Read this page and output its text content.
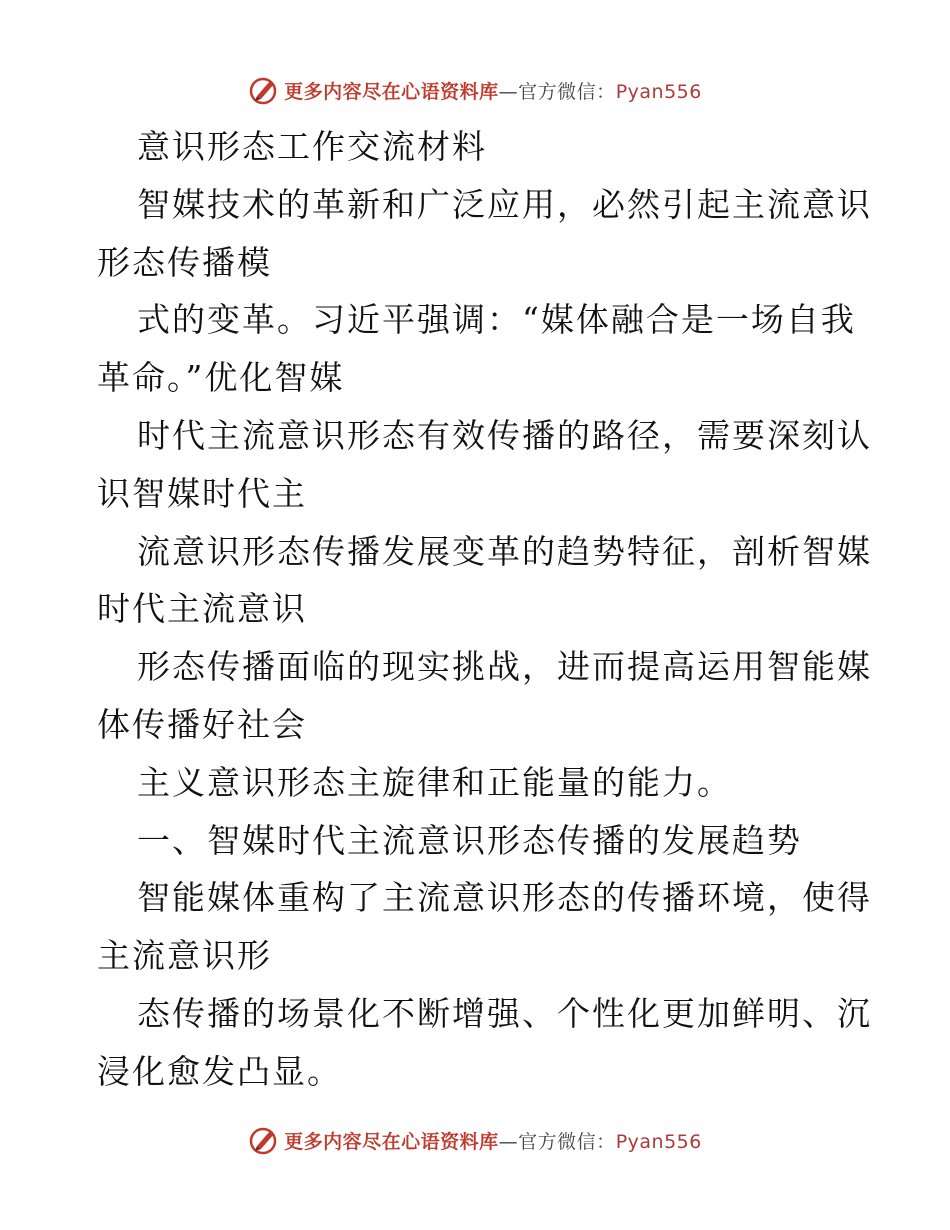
更多内容尽在心语资料库—官方微信：Pyan556
意识形态工作交流材料
智媒技术的革新和广泛应用，必然引起主流意识
形态传播模
式的变革。习近平强调：“媒体融合是一场自我
革命。”优化智媒
时代主流意识形态有效传播的路径，需要深刻认
识智媒时代主
流意识形态传播发展变革的趋势特征，剖析智媒
时代主流意识
形态传播面临的现实挑战，进而提高运用智能媒
体传播好社会
主义意识形态主旋律和正能量的能力。
一、智媒时代主流意识形态传播的发展趋势
智能媒体重构了主流意识形态的传播环境，使得
主流意识形
态传播的场景化不断增强、个性化更加鲜明、沉
浸化愈发凸显。
更多内容尽在心语资料库—官方微信：Pyan556
